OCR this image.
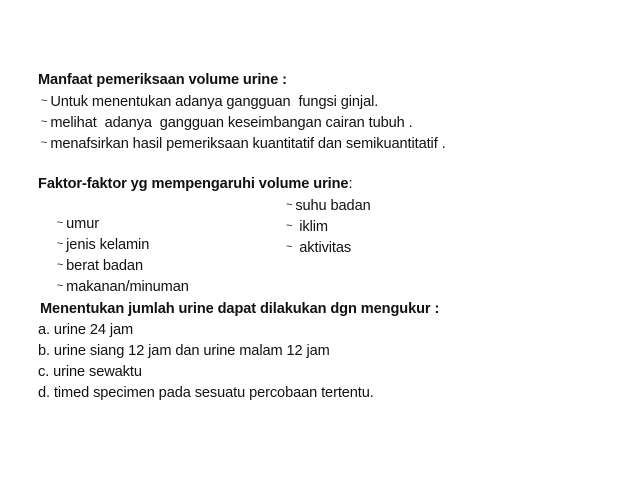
Manfaat pemeriksaan volume urine :
~ Untuk menentukan adanya gangguan  fungsi ginjal.
~ melihat  adanya  gangguan keseimbangan cairan tubuh .
~ menafsirkan hasil pemeriksaan kuantitatif dan semikuantitatif .
Faktor-faktor yg mempengaruhi volume urine:

~ umur

~ suhu badan

~ jenis kelamin

~ iklim

~ berat badan

~ aktivitas

~ makanan/minuman

Menentukan jumlah urine dapat dilakukan dgn mengukur :
a. urine 24 jam
b. urine siang 12 jam dan urine malam 12 jam
c. urine sewaktu
d. timed specimen pada sesuatu percobaan tertentu.
